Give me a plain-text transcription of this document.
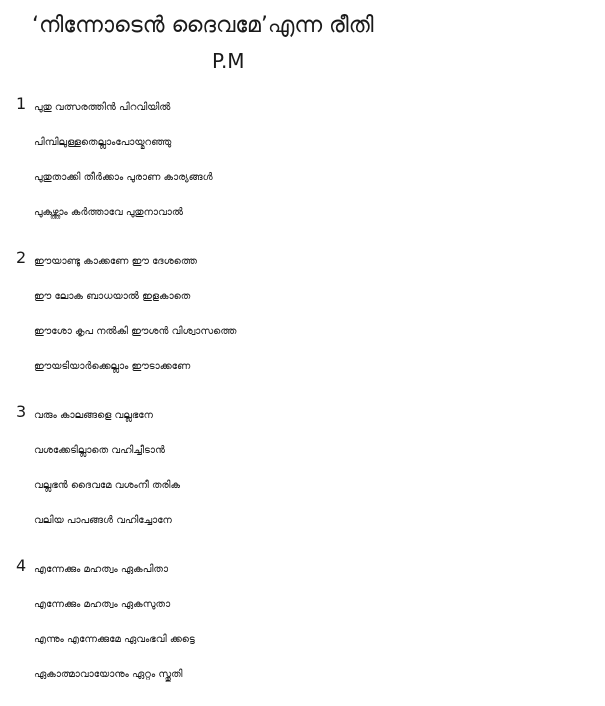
‘നിന്നോടെൻ ദൈവമേ’എന്ന രീതി
P.M
1 പുതു വത്സരത്തിൻ പിറവിയിൽ
പിമ്പിലുള്ളതെല്ലാംപോയ്മറഞ്ഞു
പുതുതാക്കി തീർക്കാം പുരാണ കാര്യങ്ങൾ
പുകഴ്ത്താം കർത്താവേ പുതുനാവാൽ
2 ഈയാണ്ടു കാക്കണേ ഈ ദേശത്തെ
ഈ ലോക ബാധയാൽ ഇളകാതെ
ഈശോ കൃപ നൽകി ഈശൻ വിശ്വാസത്തെ
ഈയടിയാർക്കെല്ലാം ഈടാക്കണേ
3 വരും കാലങ്ങളെ വല്ലഭനേ
വശക്കേടില്ലാതെ വഹിച്ചീടാൻ
വല്ലഭൻ ദൈവമേ വശംനീ തരിക
വലിയ പാപങ്ങൾ വഹിച്ചോനേ
4 എന്നേക്കും മഹത്വം ഏകപിതാ
എന്നേക്കും മഹത്വം ഏകസുതാ
എന്നും എന്നേക്കുമേ ഏവംഭവി ക്കട്ടെ
ഏകാത്മാവായോനും ഏറ്റം സ്തുതി
